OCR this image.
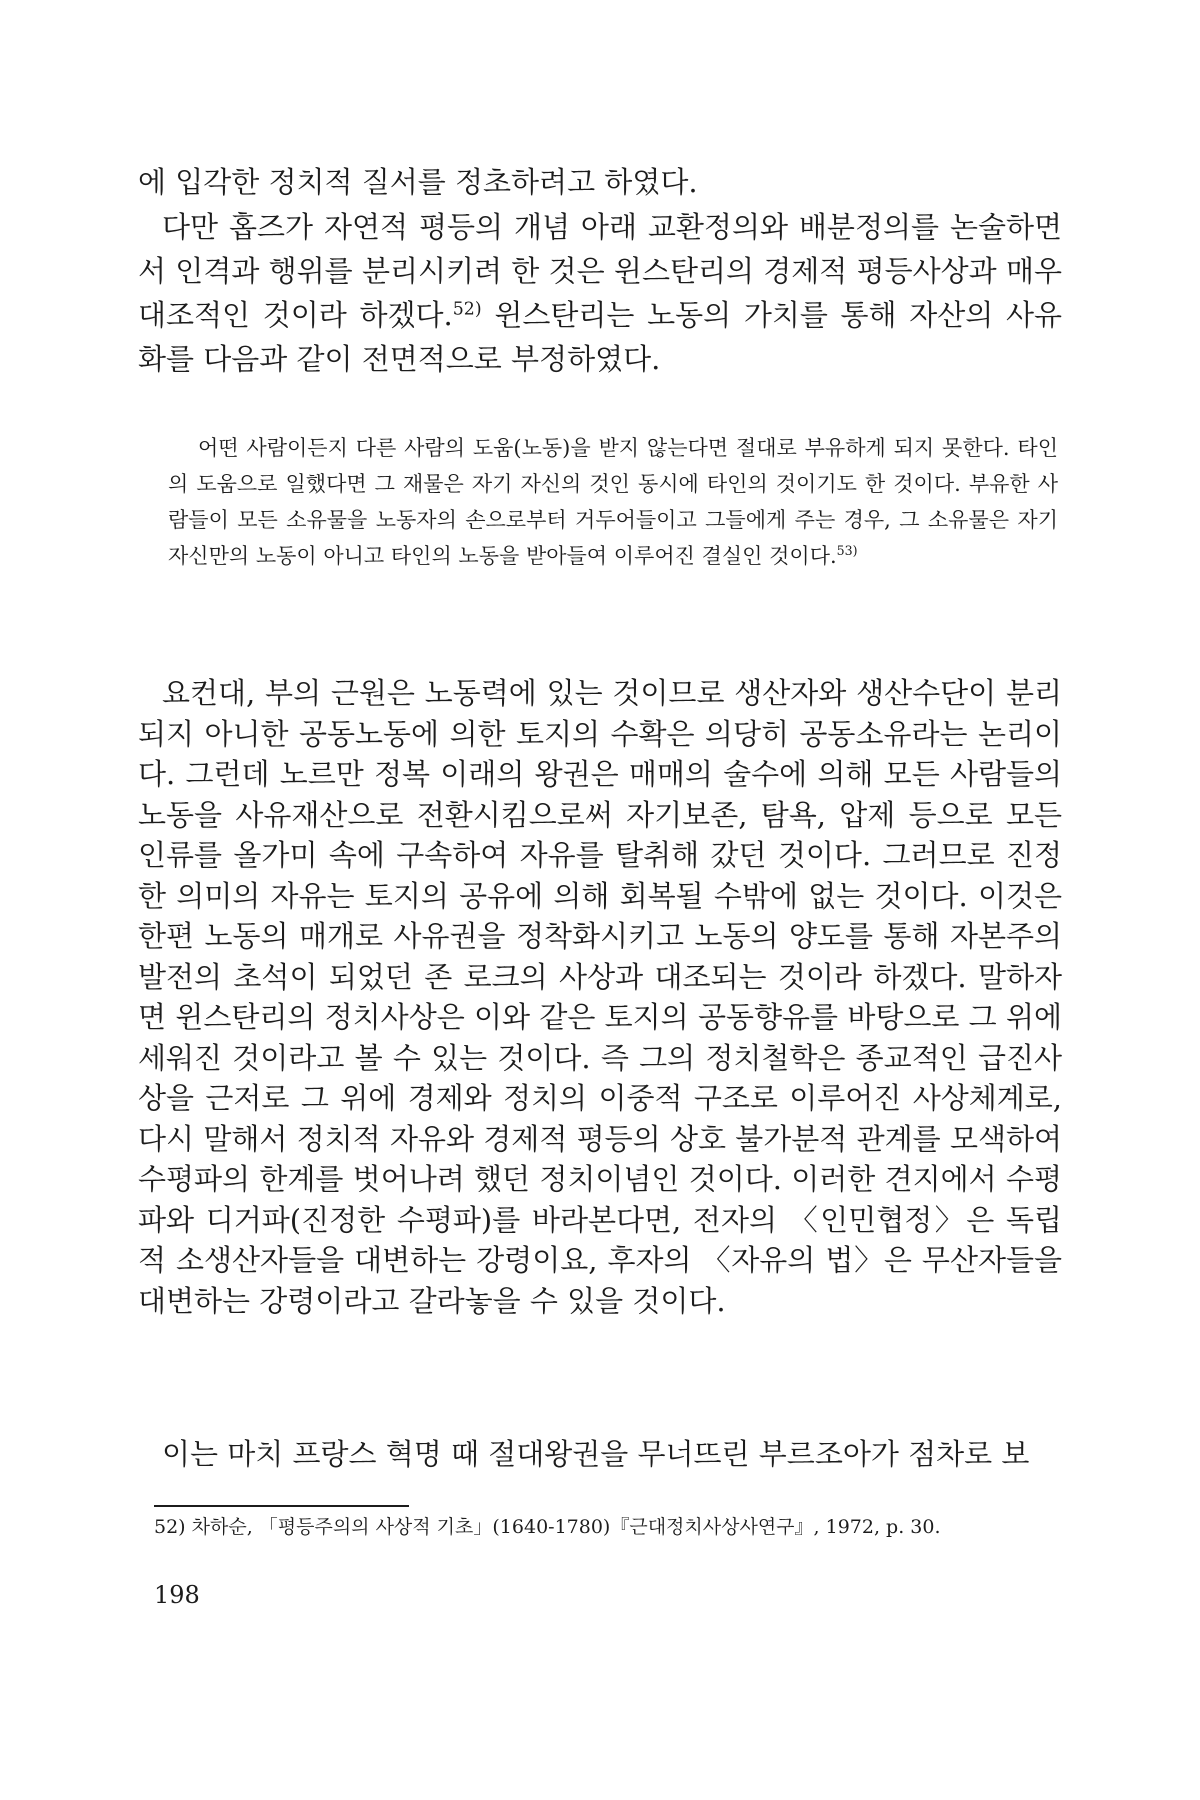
에 입각한 정치적 질서를 정초하려고 하였다.

다만 홉즈가 자연적 평등의 개념 아래 교환정의와 배분정의를 논술하면서 인격과 행위를 분리시키려 한 것은 윈스탄리의 경제적 평등사상과 매우 대조적인 것이라 하겠다.$^{52)}$ 윈스탄리는 노동의 가치를 통해 자산의 사유화를 다음과 같이 전면적으로 부정하였다.

어떤 사람이든지 다른 사람의 도움(노동)을 받지 않는다면 절대로 부유하게 되지 못한다. 타인의 도움으로 일했다면 그 재물은 자기 자신의 것인 동시에 타인의 것이기도 한 것이다. 부유한 사람들이 모든 소유물을 노동자의 손으로부터 거두어들이고 그들에게 주는 경우, 그 소유물은 자기 자신만의 노동이 아니고 타인의 노동을 받아들여 이루어진 결실인 것이다.$^{53)}$

요컨대, 부의 근원은 노동력에 있는 것이므로 생산자와 생산수단이 분리되지 아니한 공동노동에 의한 토지의 수확은 의당히 공동소유라는 논리이다. 그런데 노르만 정복 이래의 왕권은 매매의 술수에 의해 모든 사람들의 노동을 사유재산으로 전환시킴으로써 자기보존, 탐욕, 압제 등으로 모든 인류를 올가미 속에 구속하여 자유를 탈취해 갔던 것이다. 그러므로 진정한 의미의 자유는 토지의 공유에 의해 회복될 수밖에 없는 것이다. 이것은 한편 노동의 매개로 사유권을 정착화시키고 노동의 양도를 통해 자본주의 발전의 초석이 되었던 존 로크의 사상과 대조되는 것이라 하겠다. 말하자면 윈스탄리의 정치사상은 이와 같은 토지의 공동향유를 바탕으로 그 위에 세워진 것이라고 볼 수 있는 것이다. 즉 그의 정치철학은 종교적인 급진사상을 근저로 그 위에 경제와 정치의 이중적 구조로 이루어진 사상체계로, 다시 말해서 정치적 자유와 경제적 평등의 상호 불가분적 관계를 모색하여 수평파의 한계를 벗어나려 했던 정치이념인 것이다. 이러한 견지에서 수평파와 디거파(진정한 수평파)를 바라본다면, 전자의 〈인민협정〉은 독립적 소생산자들을 대변하는 강령이요, 후자의 〈자유의 법〉은 무산자들을 대변하는 강령이라고 갈라놓을 수 있을 것이다.

이는 마치 프랑스 혁명 때 절대왕권을 무너뜨린 부르조아가 점차로 보

52) 차하순, 「평등주의의 사상적 기초」(1640-1780)『근대정치사상사연구』, 1972, p. 30.
198
